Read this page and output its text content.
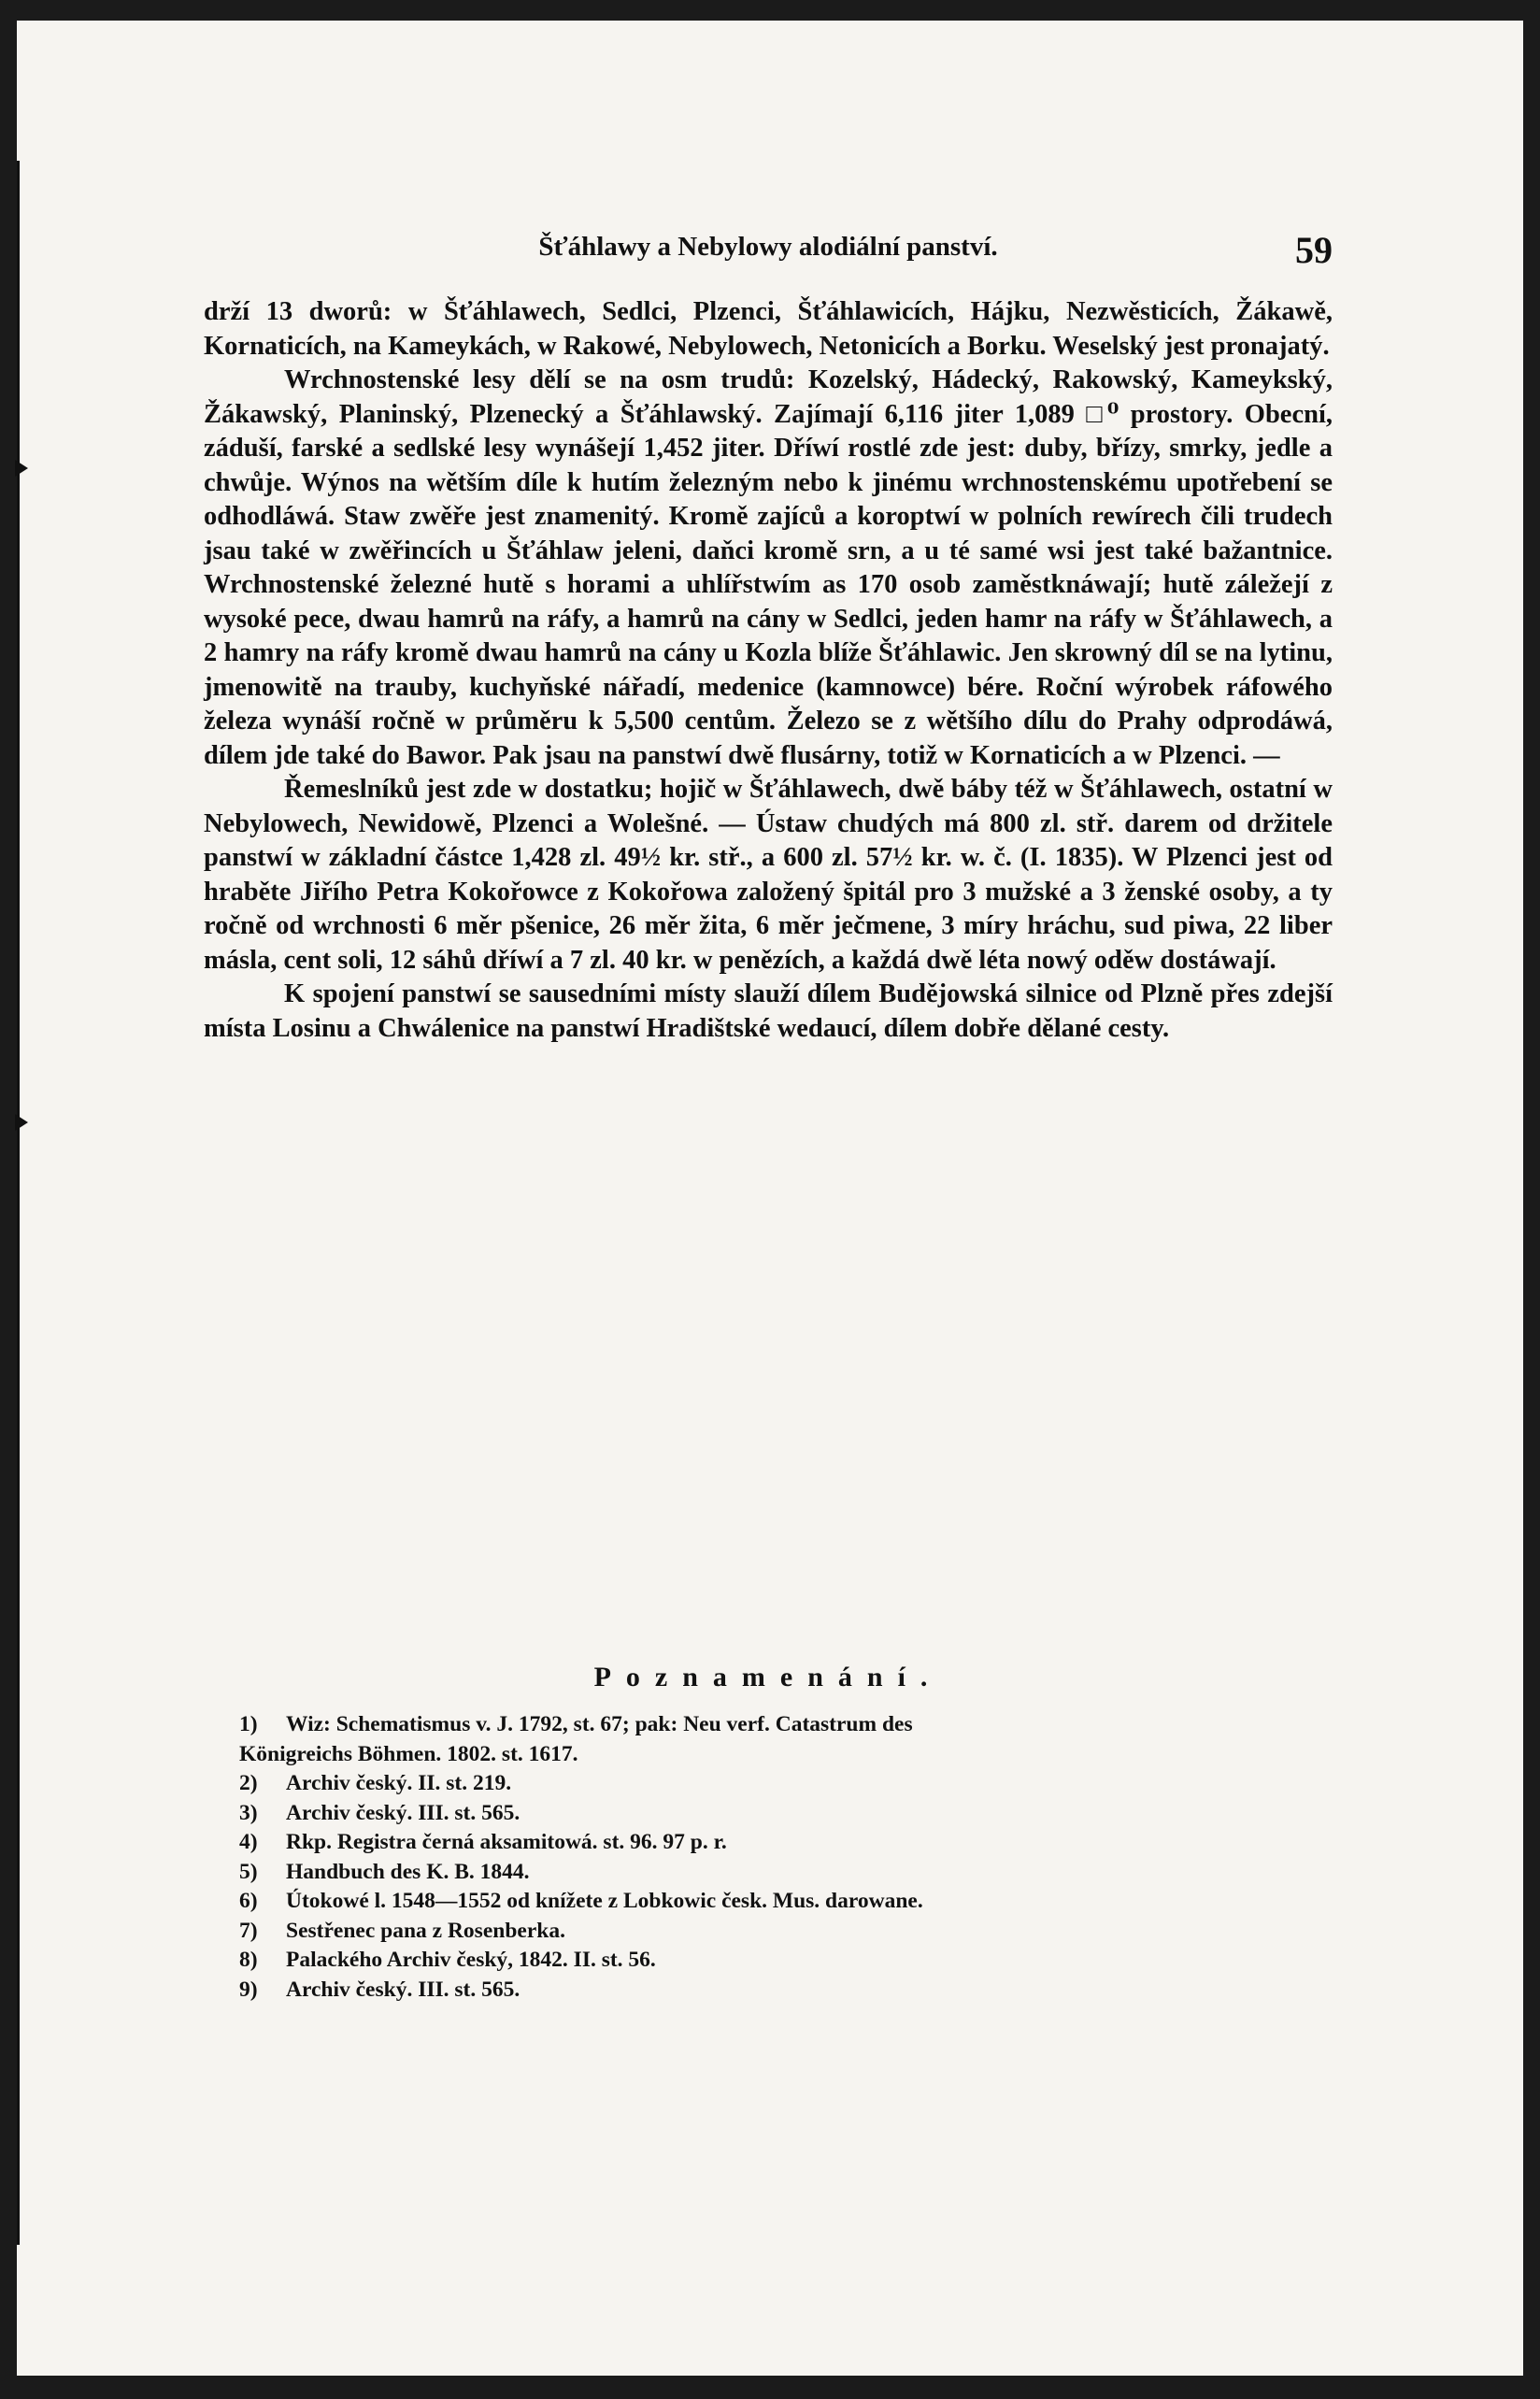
Šťáhlawy a Nebylowy alodiální panství.	59

drží 13 dworů: w Šťáhlawech, Sedlci, Plzenci, Šťáhlawicích, Hájku, Nezwěsticích, Žákawě, Kornaticích, na Kameykách, w Rakowé, Nebylowech, Netonicích a Borku. Weselský jest pronajatý.

Wrchnostenské lesy dělí se na osm trudů: Kozelský, Hádecký, Rakowský, Kameykský, Žákawský, Planinský, Plzenecký a Šťáhlawský. Zajímají 6,116 jiter 1,089 □⁰ prostory. Obecní, záduší, farské a sedlské lesy wynášejí 1,452 jiter. Dříwí rostlé zde jest: duby, břízy, smrky, jedle a chwůje. Wýnos na wětším díle k hutím železným nebo k jinému wrchnostenskému upotřebení se odhodláwá. Staw zwěře jest znamenitý. Kromě zajíců a koroptwí w polních rewírech čili trudech jsau také w zwěřincích u Šťáhlaw jeleni, daňci kromě srn, a u té samé wsi jest také bažantnice. Wrchnostenské železné hutě s horami a uhlířstwím as 170 osob zaměstknáwají; hutě záležejí z wysoké pece, dwau hamrů na ráfy, a hamrů na cány w Sedlci, jeden hamr na ráfy w Šťáhlawech, a 2 hamry na ráfy kromě dwau hamrů na cány u Kozla blíže Šťáhlawic. Jen skrowný díl se na lytinu, jmenowitě na trauby, kuchyňské nářadí, medenice (kamnowce) bére. Roční wýrobek ráfowého železa wynáší ročně w průměru k 5,500 centům. Železo se z wětšího dílu do Prahy odprodáwá, dílem jde také do Bawor. Pak jsau na panstwí dwě flusárny, totiž w Kornaticích a w Plzenci. —

Řemeslníků jest zde w dostatku; hojič w Šťáhlawech, dwě báby též w Šťáhlawech, ostatní w Nebylowech, Newidowě, Plzenci a Wolešné. — Ústaw chudých má 800 zl. stř. darem od držitele panstwí w základní částce 1,428 zl. 49½ kr. stř., a 600 zl. 57½ kr. w. č. (I. 1835). W Plzenci jest od hraběte Jiřího Petra Kokořowce z Kokořowa založený špitál pro 3 mužské a 3 ženské osoby, a ty ročně od wrchnosti 6 měr pšenice, 26 měr žita, 6 měr ječmene, 3 míry hráchu, sud piwa, 22 liber másla, cent soli, 12 sáhů dříwí a 7 zl. 40 kr. w penězích, a každá dwě léta nowý oděw dostáwají.

K spojení panstwí se sausedními místy slauží dílem Budějowská silnice od Plzně přes zdejší místa Losinu a Chwálenice na panstwí Hradištské wedaucí, dílem dobře dělané cesty.

Poznamenání.
1)	Wiz: Schematismus v. J. 1792, st. 67; pak: Neu verf. Catastrum des
Königreichs Böhmen. 1802. st. 1617.
2)	Archiv český. II. st. 219.
3)	Archiv český. III. st. 565.
4)	Rkp. Registra černá aksamitowá. st. 96. 97 p. r.
5)	Handbuch des K. B. 1844.
6)	Útokowé l. 1548—1552 od knížete z Lobkowic česk. Mus. darowane.
7)	Sestřenec pana z Rosenberka.
8)	Palackého Archiv český, 1842. II. st. 56.
9)	Archiv český. III. st. 565.
